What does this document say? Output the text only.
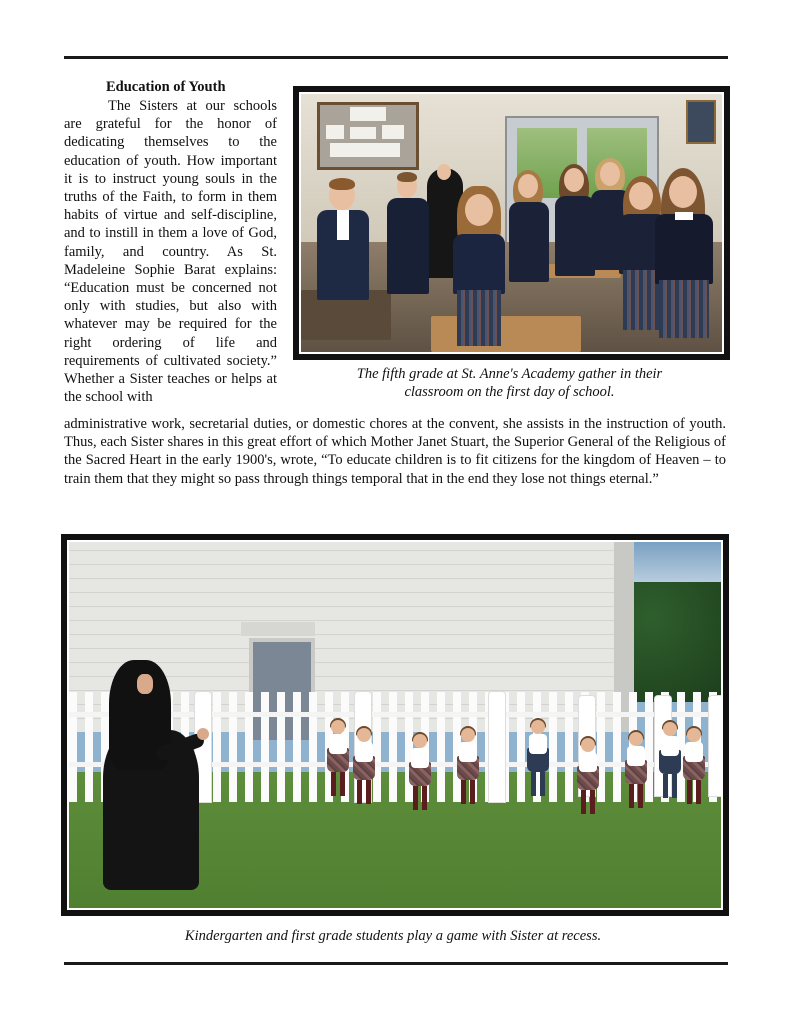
Education of Youth
The Sisters at our schools are grateful for the honor of dedicating themselves to the education of youth. How important it is to instruct young souls in the truths of the Faith, to form in them habits of virtue and self-discipline, and to instill in them a love of God, family, and country. As St. Madeleine Sophie Barat explains: “Education must be concerned not only with studies, but also with whatever may be required for the right ordering of life and requirements of cultivated society.” Whether a Sister teaches or helps at the school with
The fifth grade at St. Anne's Academy gather in their
classroom on the first day of school.
administrative work, secretarial duties, or domestic chores at the convent, she assists in the instruction of youth. Thus, each Sister shares in this great effort of which Mother Janet Stuart, the Superior General of the Religious of the Sacred Heart in the early 1900's, wrote, “To educate children is to fit citizens for the kingdom of Heaven – to train them that they might so pass through things temporal that in the end they lose not things eternal.”
Kindergarten and first grade students play a game with Sister at recess.
